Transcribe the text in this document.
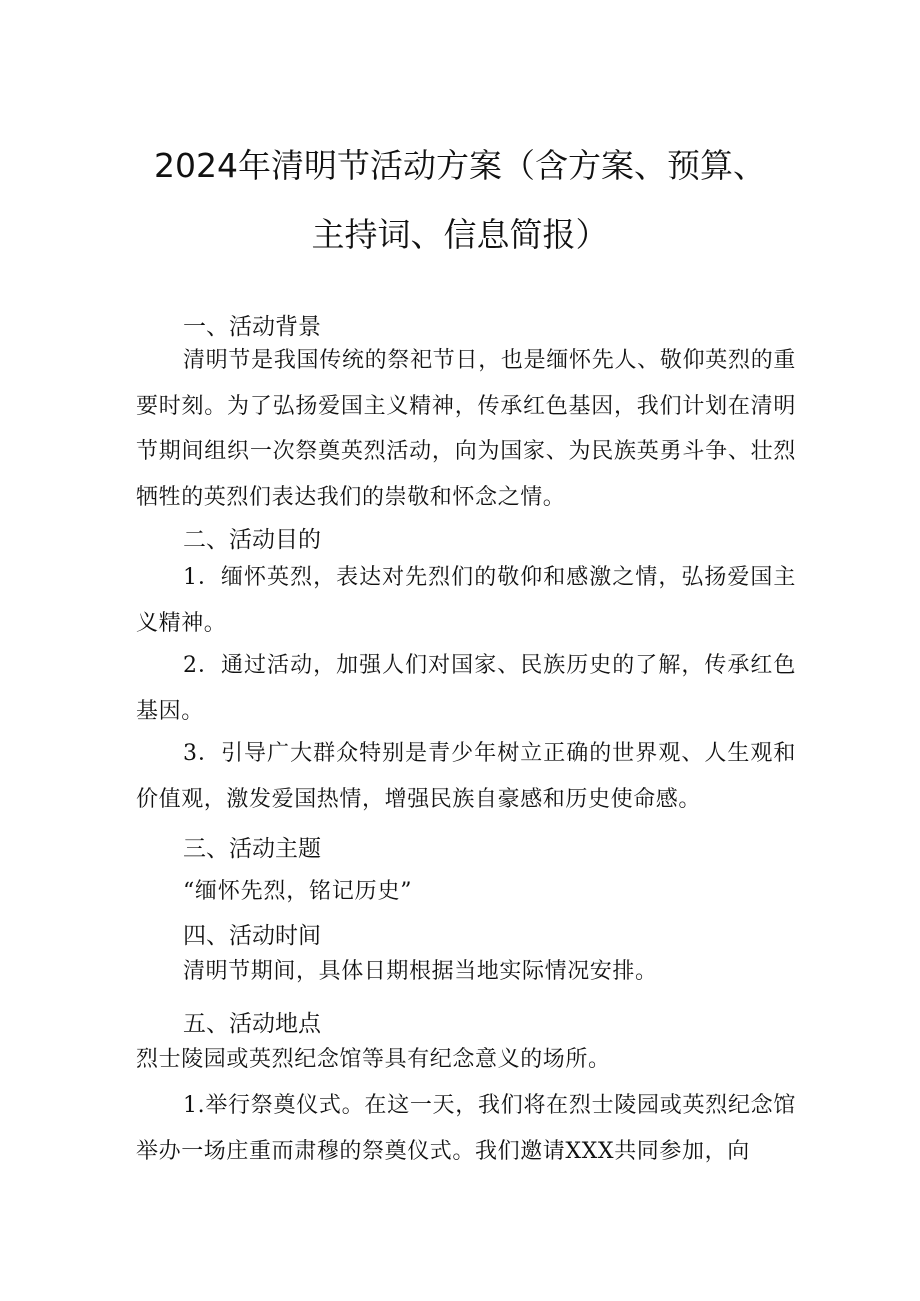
2024年清明节活动方案（含方案、预算、
主持词、信息简报）
一、活动背景
清明节是我国传统的祭祀节日，也是缅怀先人、敬仰英烈的重要时刻。为了弘扬爱国主义精神，传承红色基因，我们计划在清明节期间组织一次祭奠英烈活动，向为国家、为民族英勇斗争、壮烈牺牲的英烈们表达我们的崇敬和怀念之情。
二、活动目的
1．缅怀英烈，表达对先烈们的敬仰和感激之情，弘扬爱国主义精神。
2．通过活动，加强人们对国家、民族历史的了解，传承红色基因。
3．引导广大群众特别是青少年树立正确的世界观、人生观和价值观，激发爱国热情，增强民族自豪感和历史使命感。
三、活动主题
“缅怀先烈，铭记历史”
四、活动时间
清明节期间，具体日期根据当地实际情况安排。
五、活动地点
烈士陵园或英烈纪念馆等具有纪念意义的场所。
1.举行祭奠仪式。在这一天，我们将在烈士陵园或英烈纪念馆举办一场庄重而肃穆的祭奠仪式。我们邀请XXX共同参加，向
